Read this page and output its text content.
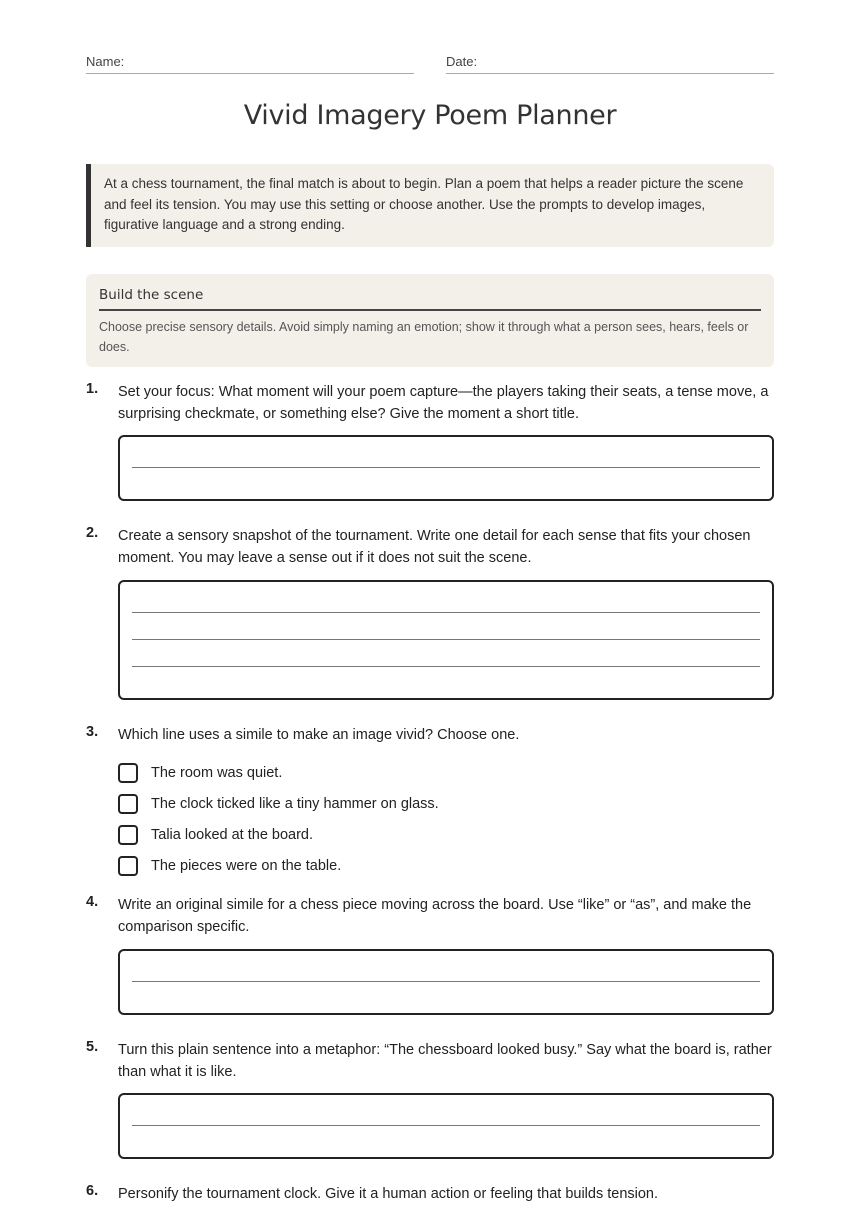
Name:	Date:
Vivid Imagery Poem Planner
At a chess tournament, the final match is about to begin. Plan a poem that helps a reader picture the scene and feel its tension. You may use this setting or choose another. Use the prompts to develop images, figurative language and a strong ending.
Build the scene
Choose precise sensory details. Avoid simply naming an emotion; show it through what a person sees, hears, feels or does.
1. Set your focus: What moment will your poem capture—the players taking their seats, a tense move, a surprising checkmate, or something else? Give the moment a short title.
2. Create a sensory snapshot of the tournament. Write one detail for each sense that fits your chosen moment. You may leave a sense out if it does not suit the scene.
3. Which line uses a simile to make an image vivid? Choose one.
The room was quiet.
The clock ticked like a tiny hammer on glass.
Talia looked at the board.
The pieces were on the table.
4. Write an original simile for a chess piece moving across the board. Use “like” or “as”, and make the comparison specific.
5. Turn this plain sentence into a metaphor: “The chessboard looked busy.” Say what the board is, rather than what it is like.
6. Personify the tournament clock. Give it a human action or feeling that builds tension.
